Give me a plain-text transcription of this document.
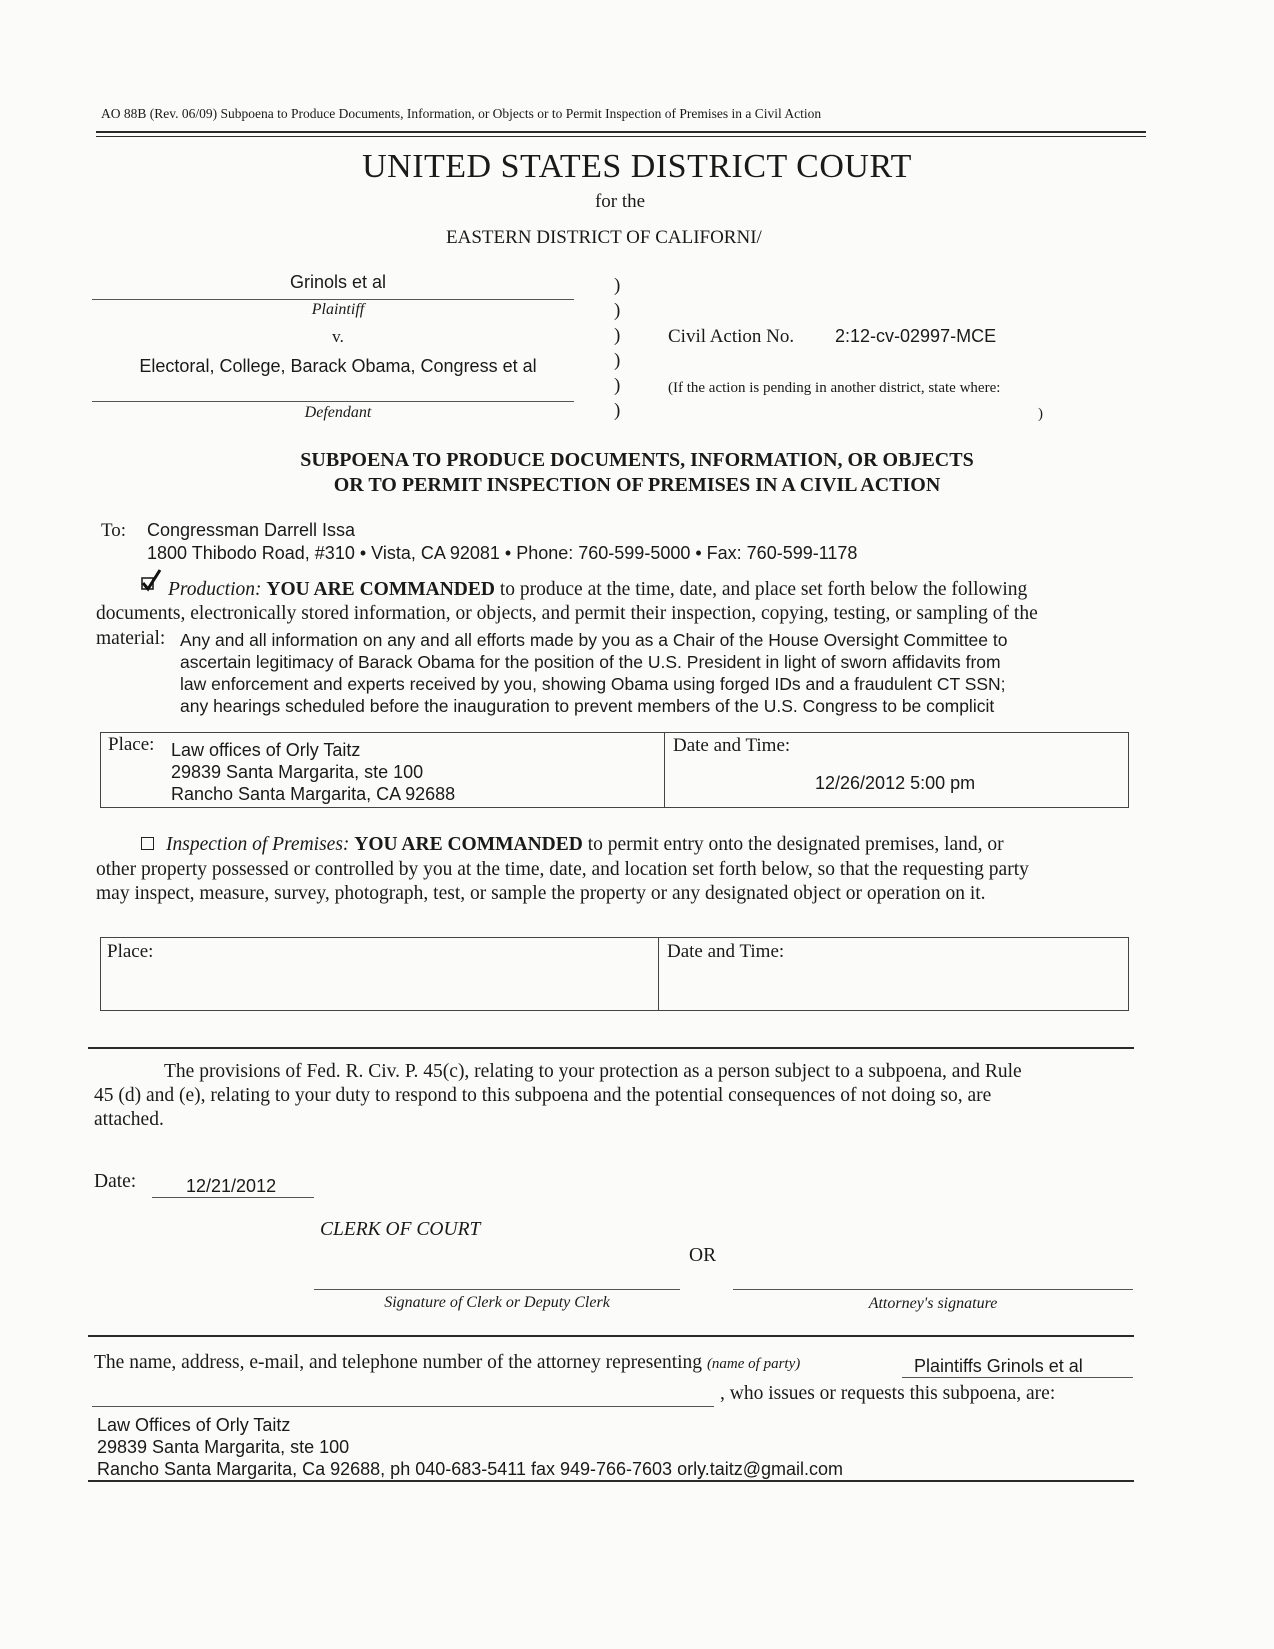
AO 88B (Rev. 06/09) Subpoena to Produce Documents, Information, or Objects or to Permit Inspection of Premises in a Civil Action
UNITED STATES DISTRICT COURT
for the
EASTERN DISTRICT OF CALIFORNI/
Grinols et al
Plaintiff
v.
Electoral, College, Barack Obama, Congress et al
Defendant
)
)
)
)
)
)
Civil Action No. 2:12-cv-02997-MCE
(If the action is pending in another district, state where:
)
SUBPOENA TO PRODUCE DOCUMENTS, INFORMATION, OR OBJECTS
OR TO PERMIT INSPECTION OF PREMISES IN A CIVIL ACTION
To: Congressman Darrell Issa
1800 Thibodo Road, #310 • Vista, CA 92081 • Phone: 760-599-5000 • Fax: 760-599-1178
Production: YOU ARE COMMANDED to produce at the time, date, and place set forth below the following
documents, electronically stored information, or objects, and permit their inspection, copying, testing, or sampling of the
material: Any and all information on any and all efforts made by you as a Chair of the House Oversight Committee to
ascertain legitimacy of Barack Obama for the position of the U.S. President in light of sworn affidavits from
law enforcement and experts received by you, showing Obama using forged IDs and a fraudulent CT SSN;
any hearings scheduled before the inauguration to prevent members of the U.S. Congress to be complicit
Place: Law offices of Orly Taitz
29839 Santa Margarita, ste 100
Rancho Santa Margarita, CA 92688
Date and Time:
12/26/2012 5:00 pm
Inspection of Premises: YOU ARE COMMANDED to permit entry onto the designated premises, land, or
other property possessed or controlled by you at the time, date, and location set forth below, so that the requesting party
may inspect, measure, survey, photograph, test, or sample the property or any designated object or operation on it.
Place:	Date and Time:
The provisions of Fed. R. Civ. P. 45(c), relating to your protection as a person subject to a subpoena, and Rule
45 (d) and (e), relating to your duty to respond to this subpoena and the potential consequences of not doing so, are
attached.
Date:	12/21/2012
CLERK OF COURT
OR
Signature of Clerk or Deputy Clerk	Attorney's signature
The name, address, e-mail, and telephone number of the attorney representing (name of party)	Plaintiffs Grinols et al
, who issues or requests this subpoena, are:
Law Offices of Orly Taitz
29839 Santa Margarita, ste 100
Rancho Santa Margarita, Ca 92688, ph 040-683-5411 fax 949-766-7603 orly.taitz@gmail.com
